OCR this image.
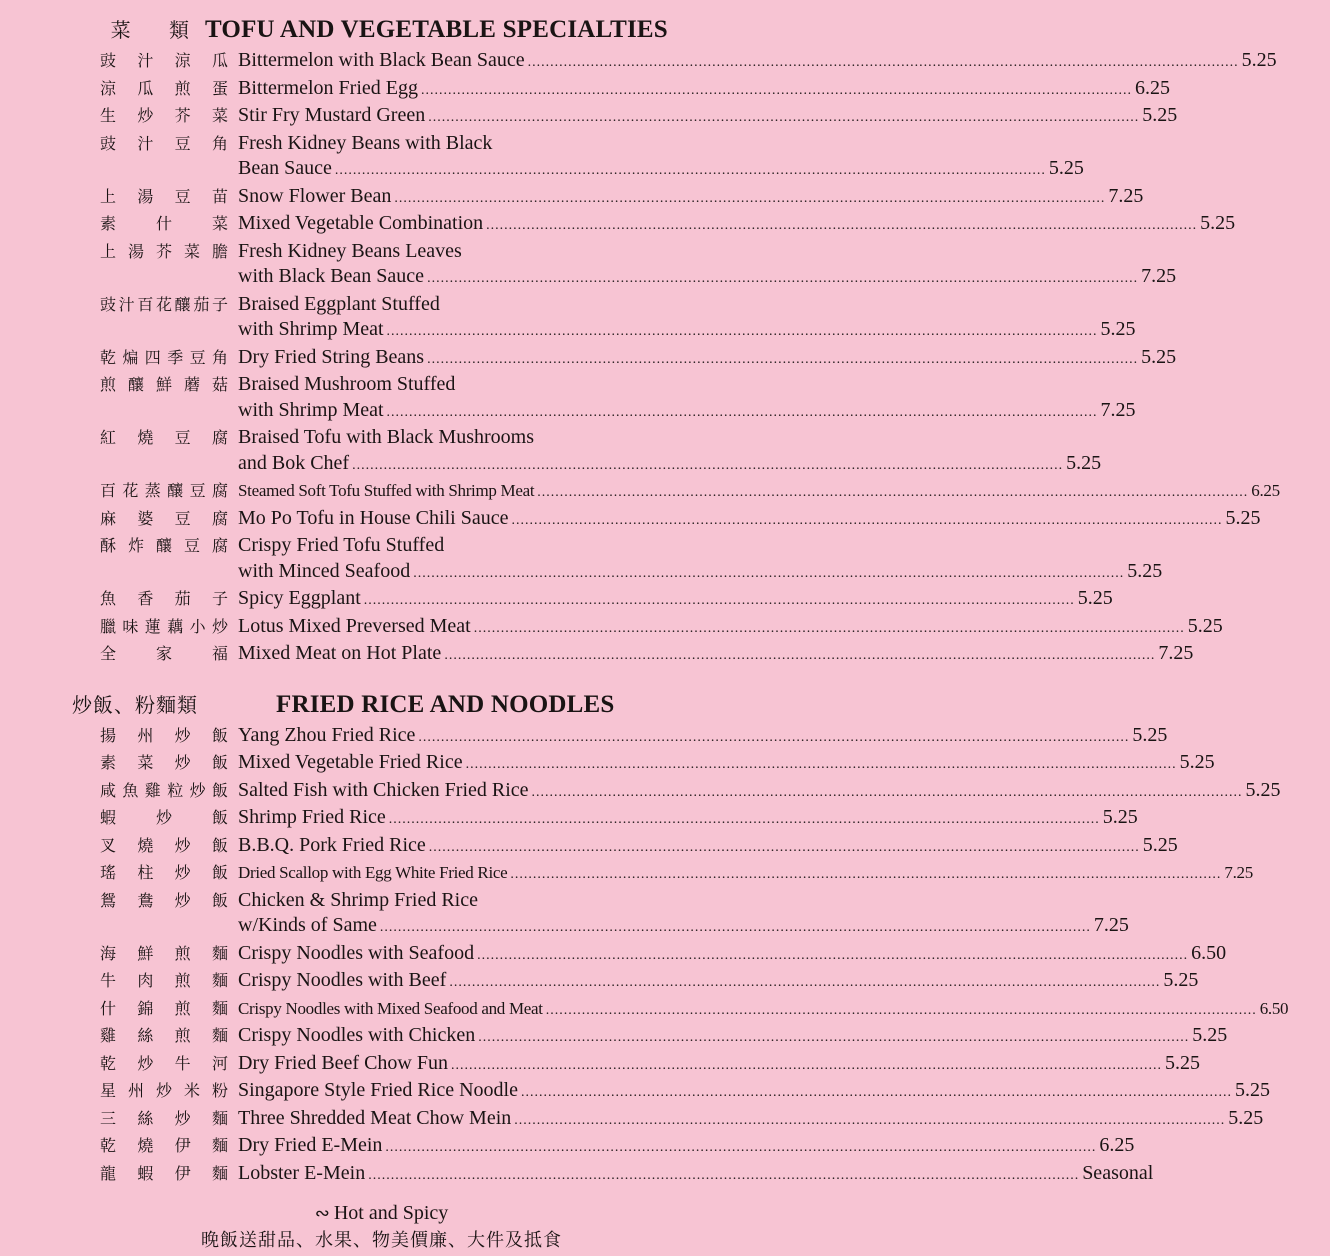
菜 類 TOFU AND VEGETABLE SPECIALTIES
豉汁涼瓜 Bittermelon with Black Bean Sauce .....	5.25
涼瓜煎蛋 Bittermelon Fried Egg .....	6.25
生炒芥菜 Stir Fry Mustard Green .....	5.25
豉汁豆角 Fresh Kidney Beans with Black
Bean Sauce .....	5.25
上湯豆苗 Snow Flower Bean .....	7.25
素什菜 Mixed Vegetable Combination .....	5.25
上湯芥菜膽 Fresh Kidney Beans Leaves
with Black Bean Sauce .....	7.25
豉汁百花釀茄子 Braised Eggplant Stuffed
with Shrimp Meat .....	5.25
乾煸四季豆角 Dry Fried String Beans .....	5.25
煎釀鮮蘑菇 Braised Mushroom Stuffed
with Shrimp Meat .....	7.25
紅燒豆腐 Braised Tofu with Black Mushrooms
and Bok Chef .....	5.25
百花蒸釀豆腐 Steamed Soft Tofu Stuffed with Shrimp Meat .....	6.25
麻婆豆腐 Mo Po Tofu in House Chili Sauce .....	5.25
酥炸釀豆腐 Crispy Fried Tofu Stuffed
with Minced Seafood .....	5.25
魚香茄子 Spicy Eggplant .....	5.25
臘味蓮藕小炒 Lotus Mixed Preversed Meat .....	5.25
全家福 Mixed Meat on Hot Plate .....	7.25
炒飯、粉麵類	FRIED RICE AND NOODLES
揚州炒飯 Yang Zhou Fried Rice .....	5.25
素菜炒飯 Mixed Vegetable Fried Rice .....	5.25
咸魚雞粒炒飯 Salted Fish with Chicken Fried Rice .....	5.25
蝦炒飯 Shrimp Fried Rice .....	5.25
叉燒炒飯 B.B.Q. Pork Fried Rice .....	5.25
瑤柱炒飯 Dried Scallop with Egg White Fried Rice .....	7.25
鴛鴦炒飯 Chicken & Shrimp Fried Rice
w/Kinds of Same .....	7.25
海鮮煎麵 Crispy Noodles with Seafood .....	6.50
牛肉煎麵 Crispy Noodles with Beef .....	5.25
什錦煎麵 Crispy Noodles with Mixed Seafood and Meat .....	6.50
雞絲煎麵 Crispy Noodles with Chicken .....	5.25
乾炒牛河 Dry Fried Beef Chow Fun .....	5.25
星州炒米粉 Singapore Style Fried Rice Noodle .....	5.25
三絲炒麵 Three Shredded Meat Chow Mein .....	5.25
乾燒伊麵 Dry Fried E-Mein .....	6.25
龍蝦伊麵 Lobster E-Mein .....	Seasonal
∾ Hot and Spicy
晚飯送甜品、水果、物美價廉、大件及抵食
